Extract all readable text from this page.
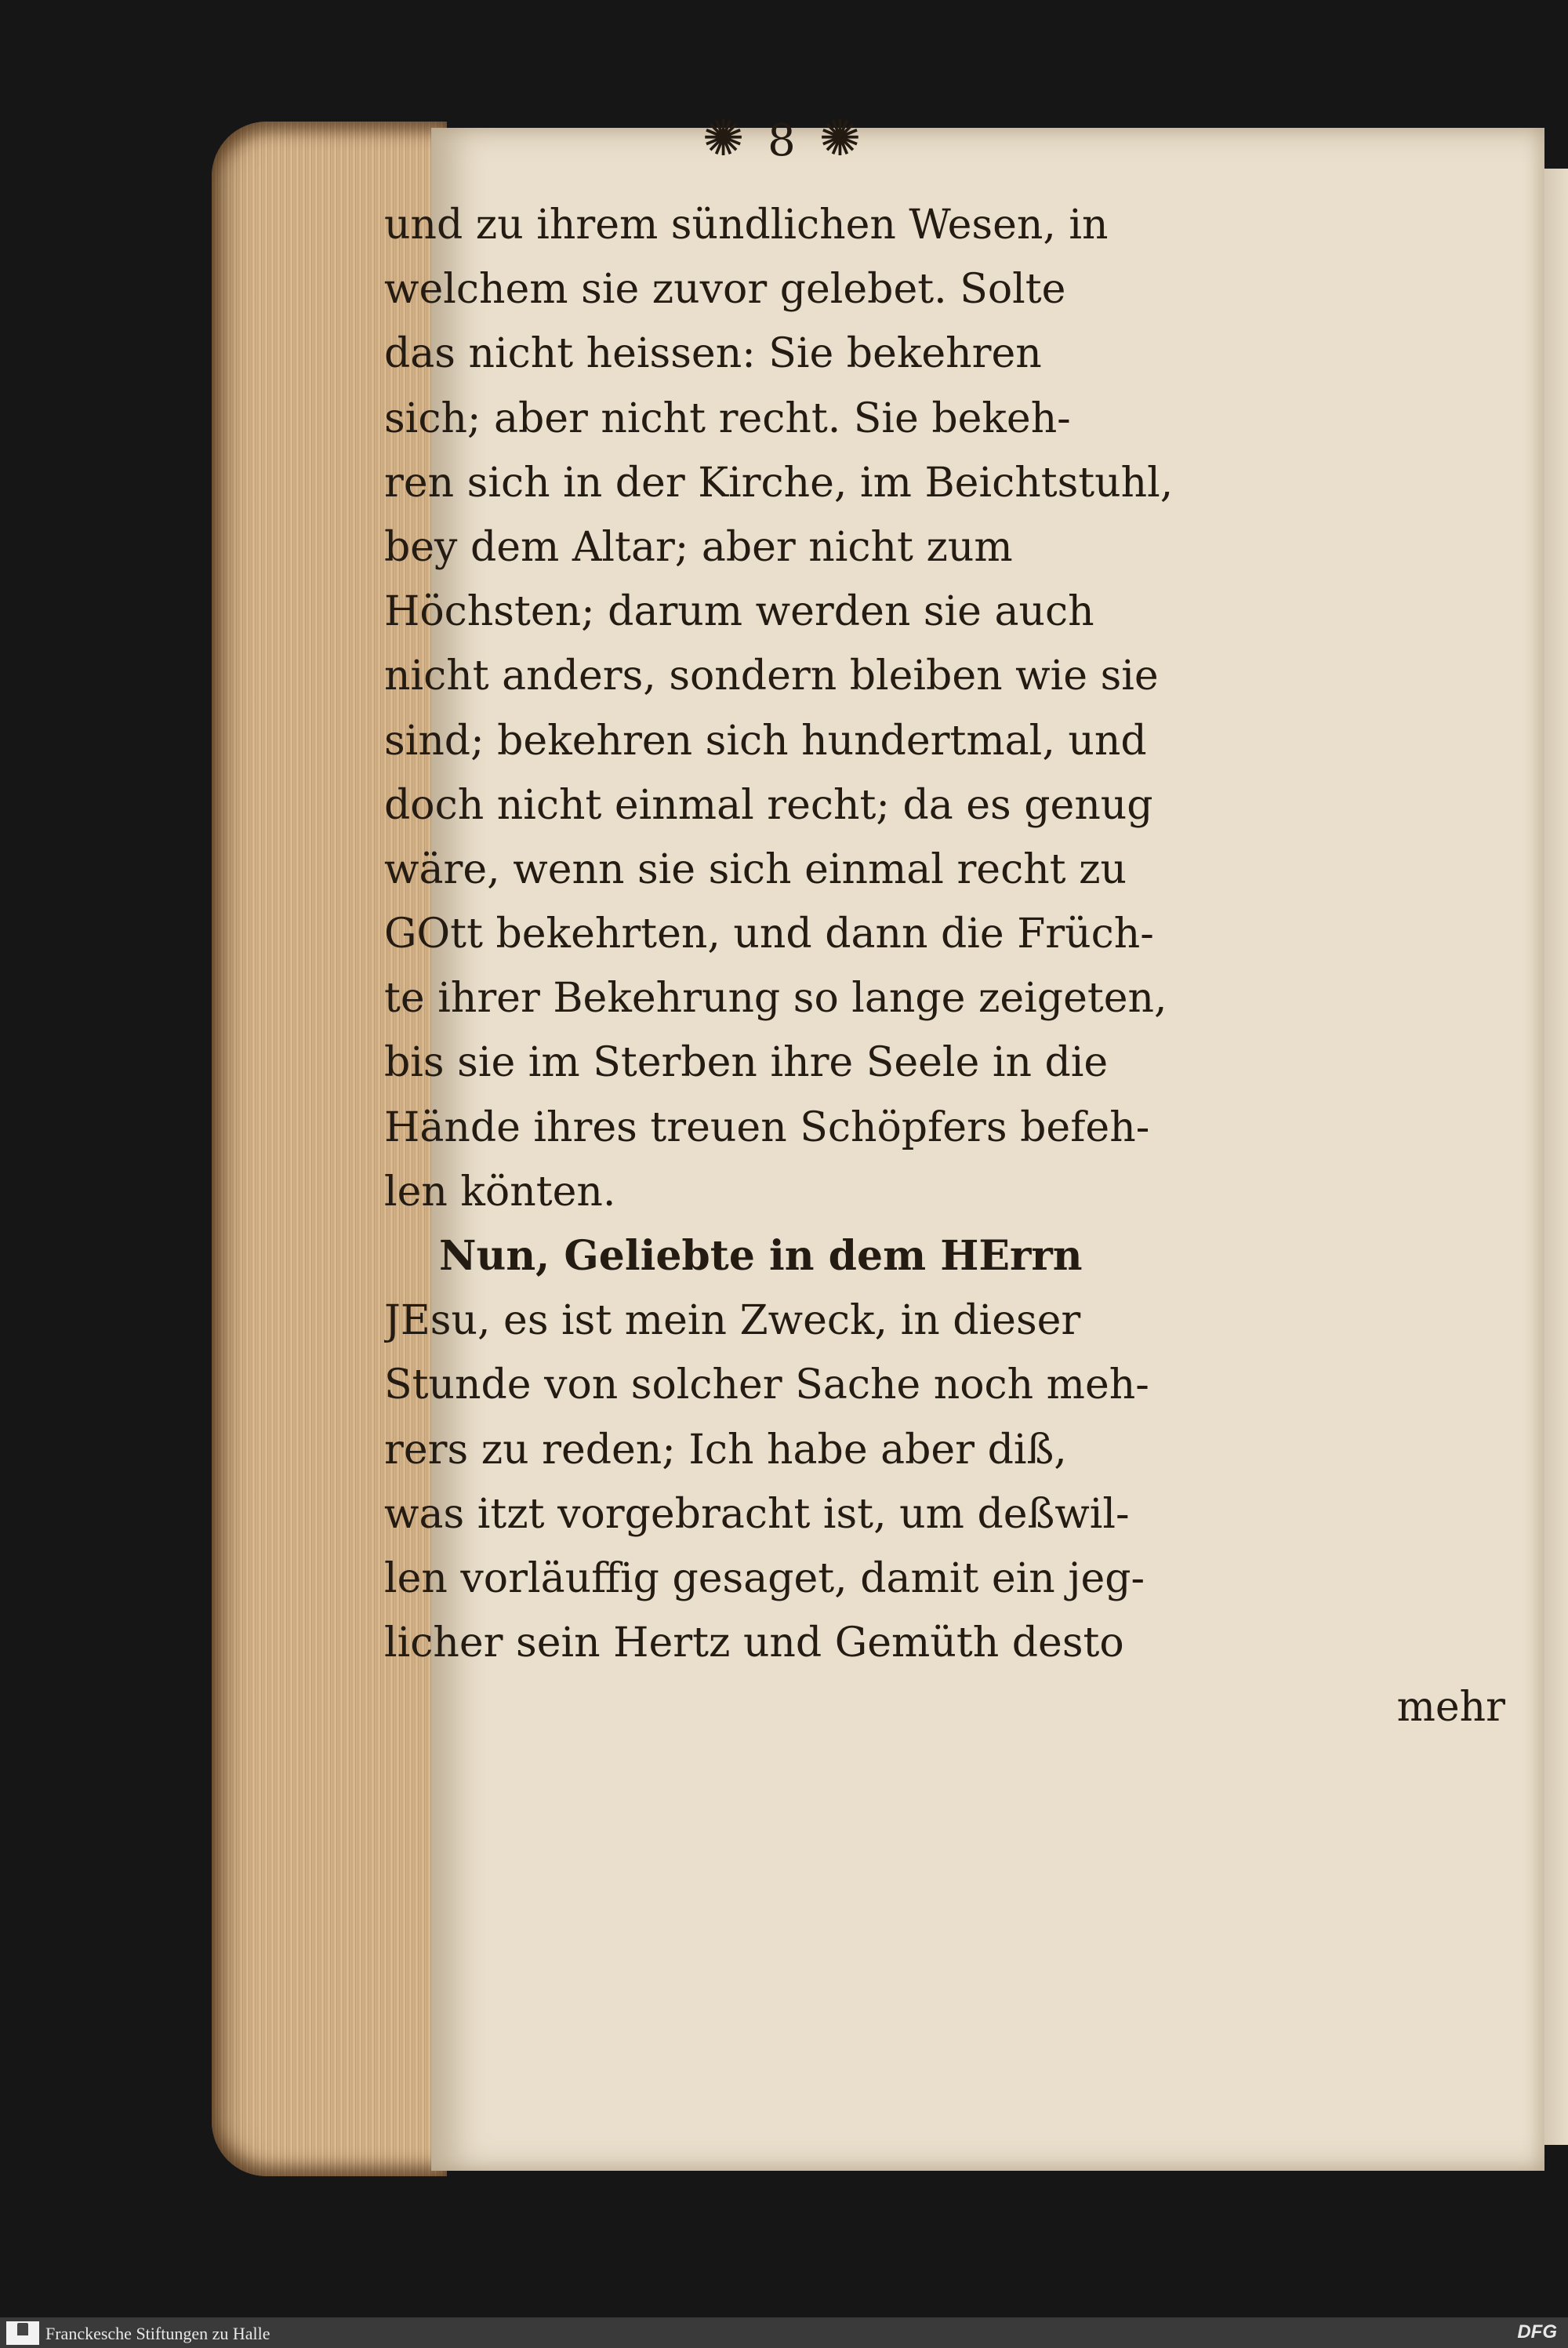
✺ 8 ✺
und zu ihrem sündlichen Wesen, in
welchem sie zuvor gelebet. Solte
das nicht heissen: Sie bekehren
sich; aber nicht recht. Sie bekeh-
ren sich in der Kirche, im Beichtstuhl,
bey dem Altar; aber nicht zum
Höchsten; darum werden sie auch
nicht anders, sondern bleiben wie sie
sind; bekehren sich hundertmal, und
doch nicht einmal recht; da es genug
wäre, wenn sie sich einmal recht zu
GOtt bekehrten, und dann die Früch-
te ihrer Bekehrung so lange zeigeten,
bis sie im Sterben ihre Seele in die
Hände ihres treuen Schöpfers befeh-
len könten.
Nun, Geliebte in dem HErrn
JEsu, es ist mein Zweck, in dieser
Stunde von solcher Sache noch meh-
rers zu reden; Ich habe aber diß,
was itzt vorgebracht ist, um deßwil-
len vorläuffig gesaget, damit ein jeg-
licher sein Hertz und Gemüth desto
mehr
Franckesche Stiftungen zu Halle	DFG
